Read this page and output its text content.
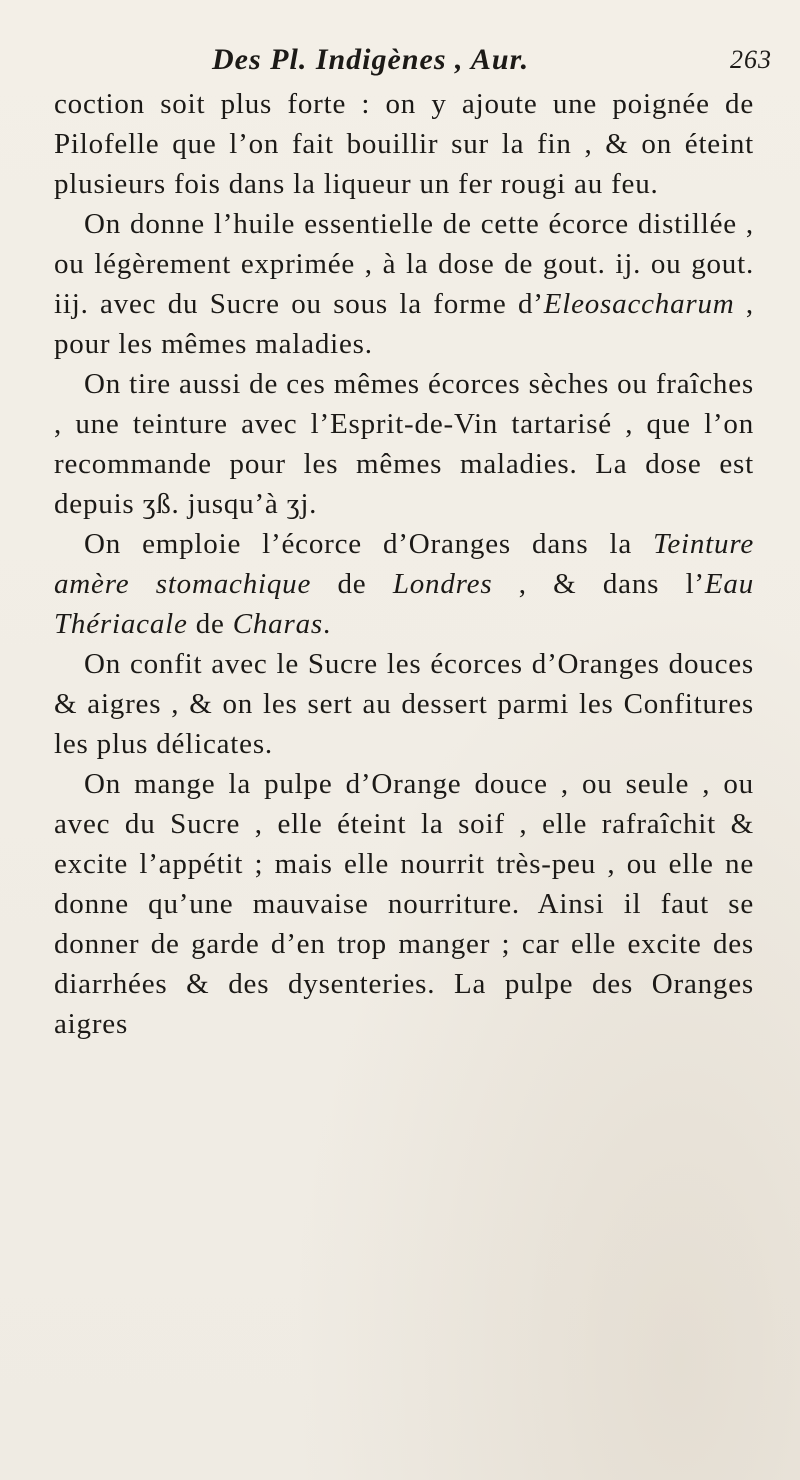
Des Pl. Indigènes , Aur.	263

coction soit plus forte : on y ajoute une poignée de Pilofelle que l’on fait bouillir sur la fin , & on éteint plusieurs fois dans la liqueur un fer rougi au feu.

On donne l’huile essentielle de cette écorce distillée , ou légèrement exprimée , à la dose de gout. ij. ou gout. iij. avec du Sucre ou sous la forme d’Eleosaccharum , pour les mêmes maladies.

On tire aussi de ces mêmes écorces sèches ou fraîches , une teinture avec l’Esprit-de-Vin tartarisé , que l’on recommande pour les mêmes maladies. La dose est depuis ʒß. jusqu’à ʒj.

On emploie l’écorce d’Oranges dans la Teinture amère stomachique de Londres , & dans l’Eau Thériacale de Charas.

On confit avec le Sucre les écorces d’Oranges douces & aigres , & on les sert au dessert parmi les Confitures les plus délicates.

On mange la pulpe d’Orange douce , ou seule , ou avec du Sucre , elle éteint la soif , elle rafraîchit & excite l’appétit ; mais elle nourrit très-peu , ou elle ne donne qu’une mauvaise nourriture. Ainsi il faut se donner de garde d’en trop manger ; car elle excite des diarrhées & des dysenteries. La pulpe des Oranges aigres
